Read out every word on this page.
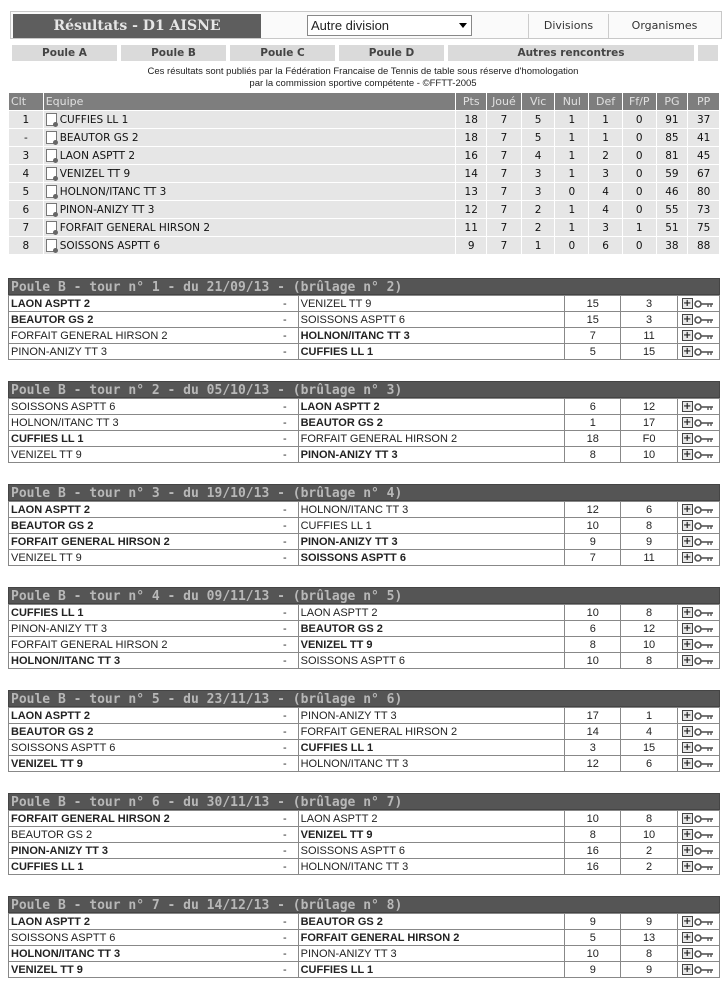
Résultats - D1 AISNE	Autre division	Divisions	Organismes
Poule A	Poule B	Poule C	Poule D	Autres rencontres
Ces résultats sont publiés par la Fédération Francaise de Tennis de table sous réserve d'homologation
par la commission sportive compétente - ©FFTT-2005
Clt	Equipe	Pts	Joué	Vic	Nul	Def	Ff/P	PG	PP
1	CUFFIES LL 1	18	7	5	1	1	0	91	37
-	BEAUTOR GS 2	18	7	5	1	1	0	85	41
3	LAON ASPTT 2	16	7	4	1	2	0	81	45
4	VENIZEL TT 9	14	7	3	1	3	0	59	67
5	HOLNON/ITANC TT 3	13	7	3	0	4	0	46	80
6	PINON-ANIZY TT 3	12	7	2	1	4	0	55	73
7	FORFAIT GENERAL HIRSON 2	11	7	2	1	3	1	51	75
8	SOISSONS ASPTT 6	9	7	1	0	6	0	38	88
Poule B - tour n° 1 - du 21/09/13 - (brûlage n° 2)
LAON ASPTT 2	-	VENIZEL TT 9	15	3	+
BEAUTOR GS 2	-	SOISSONS ASPTT 6	15	3	+
FORFAIT GENERAL HIRSON 2	-	HOLNON/ITANC TT 3	7	11	+
PINON-ANIZY TT 3	-	CUFFIES LL 1	5	15	+
Poule B - tour n° 2 - du 05/10/13 - (brûlage n° 3)
SOISSONS ASPTT 6	-	LAON ASPTT 2	6	12	+
HOLNON/ITANC TT 3	-	BEAUTOR GS 2	1	17	+
CUFFIES LL 1	-	FORFAIT GENERAL HIRSON 2	18	F0	+
VENIZEL TT 9	-	PINON-ANIZY TT 3	8	10	+
Poule B - tour n° 3 - du 19/10/13 - (brûlage n° 4)
LAON ASPTT 2	-	HOLNON/ITANC TT 3	12	6	+
BEAUTOR GS 2	-	CUFFIES LL 1	10	8	+
FORFAIT GENERAL HIRSON 2	-	PINON-ANIZY TT 3	9	9	+
VENIZEL TT 9	-	SOISSONS ASPTT 6	7	11	+
Poule B - tour n° 4 - du 09/11/13 - (brûlage n° 5)
CUFFIES LL 1	-	LAON ASPTT 2	10	8	+
PINON-ANIZY TT 3	-	BEAUTOR GS 2	6	12	+
FORFAIT GENERAL HIRSON 2	-	VENIZEL TT 9	8	10	+
HOLNON/ITANC TT 3	-	SOISSONS ASPTT 6	10	8	+
Poule B - tour n° 5 - du 23/11/13 - (brûlage n° 6)
LAON ASPTT 2	-	PINON-ANIZY TT 3	17	1	+
BEAUTOR GS 2	-	FORFAIT GENERAL HIRSON 2	14	4	+
SOISSONS ASPTT 6	-	CUFFIES LL 1	3	15	+
VENIZEL TT 9	-	HOLNON/ITANC TT 3	12	6	+
Poule B - tour n° 6 - du 30/11/13 - (brûlage n° 7)
FORFAIT GENERAL HIRSON 2	-	LAON ASPTT 2	10	8	+
BEAUTOR GS 2	-	VENIZEL TT 9	8	10	+
PINON-ANIZY TT 3	-	SOISSONS ASPTT 6	16	2	+
CUFFIES LL 1	-	HOLNON/ITANC TT 3	16	2	+
Poule B - tour n° 7 - du 14/12/13 - (brûlage n° 8)
LAON ASPTT 2	-	BEAUTOR GS 2	9	9	+
SOISSONS ASPTT 6	-	FORFAIT GENERAL HIRSON 2	5	13	+
HOLNON/ITANC TT 3	-	PINON-ANIZY TT 3	10	8	+
VENIZEL TT 9	-	CUFFIES LL 1	9	9	+
